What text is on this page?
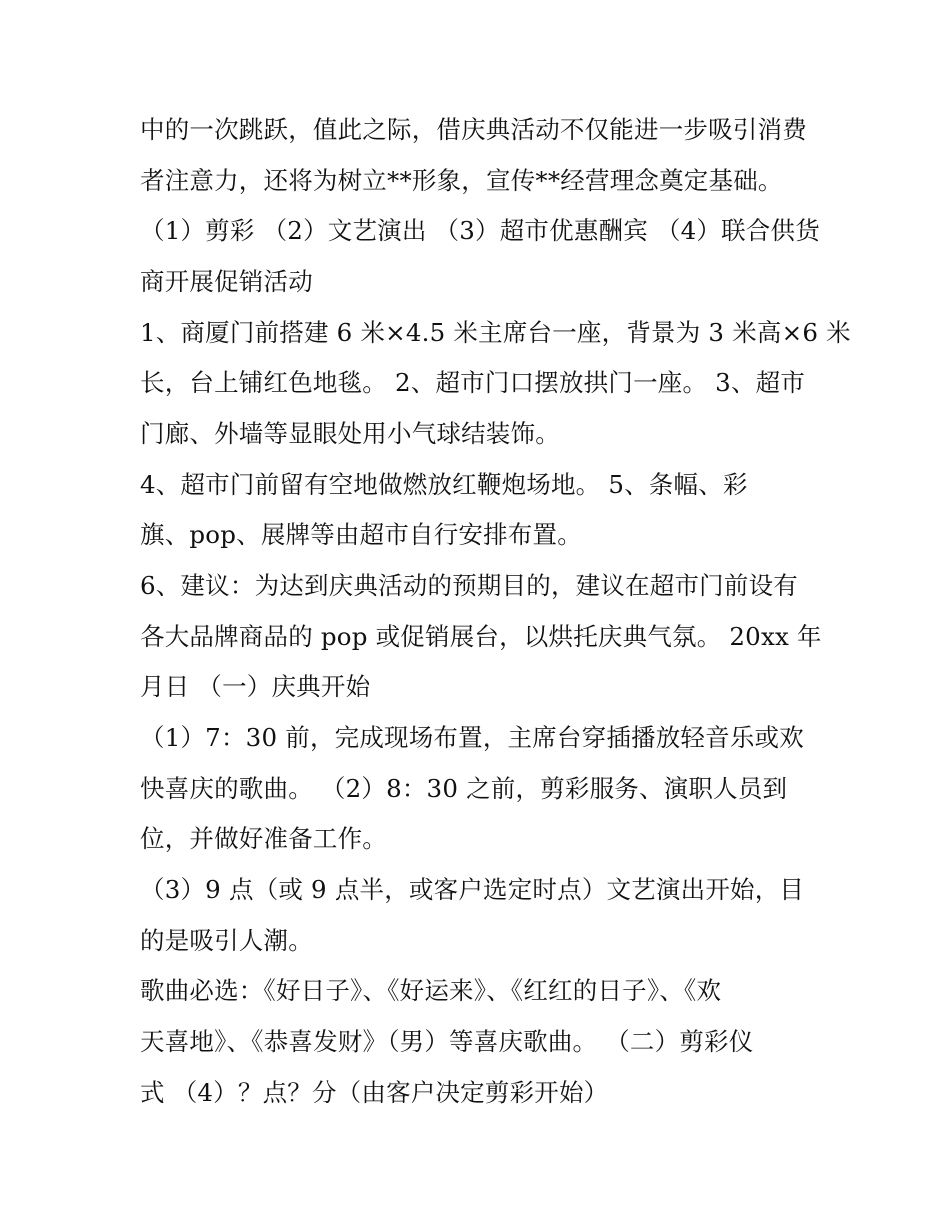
中的一次跳跃，值此之际，借庆典活动不仅能进一步吸引消费
者注意力，还将为树立**形象，宣传**经营理念奠定基础。
（1）剪彩 （2）文艺演出 （3）超市优惠酬宾 （4）联合供货
商开展促销活动
1、商厦门前搭建 6 米×4.5 米主席台一座，背景为 3 米高×6 米
长，台上铺红色地毯。 2、超市门口摆放拱门一座。 3、超市
门廊、外墙等显眼处用小气球结装饰。
4、超市门前留有空地做燃放红鞭炮场地。 5、条幅、彩
旗、pop、展牌等由超市自行安排布置。
6、建议：为达到庆典活动的预期目的，建议在超市门前设有
各大品牌商品的 pop 或促销展台，以烘托庆典气氛。 20xx 年
月日 （一）庆典开始
（1）7：30 前，完成现场布置，主席台穿插播放轻音乐或欢
快喜庆的歌曲。 （2）8：30 之前，剪彩服务、演职人员到
位，并做好准备工作。
（3）9 点（或 9 点半，或客户选定时点）文艺演出开始，目
的是吸引人潮。
歌曲必选：《好日子》、《好运来》、《红红的日子》、《欢
天喜地》、《恭喜发财》（男）等喜庆歌曲。 （二）剪彩仪
式 （4）？点？分（由客户决定剪彩开始）
